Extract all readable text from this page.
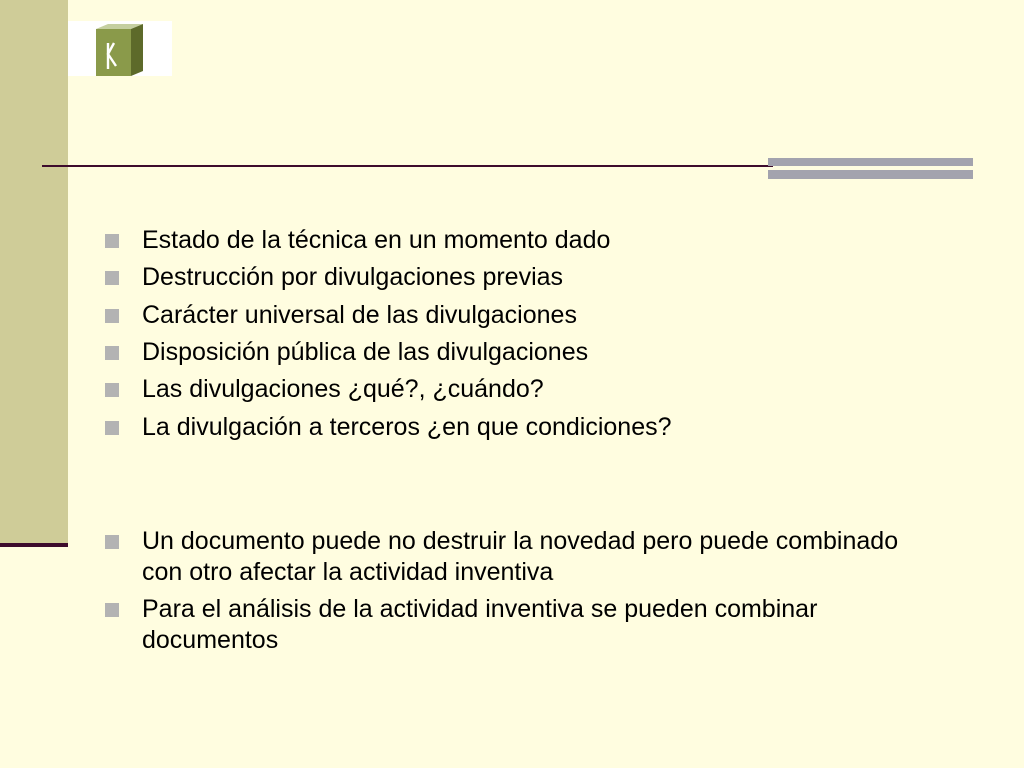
Estado de la técnica en un momento dado
Destrucción por divulgaciones previas
Carácter universal de las divulgaciones
Disposición pública de las divulgaciones
Las divulgaciones ¿qué?, ¿cuándo?
La divulgación a terceros ¿en que condiciones?
Un documento puede no destruir la novedad pero puede combinado con otro afectar la actividad inventiva
Para el análisis de la actividad inventiva se pueden combinar documentos
